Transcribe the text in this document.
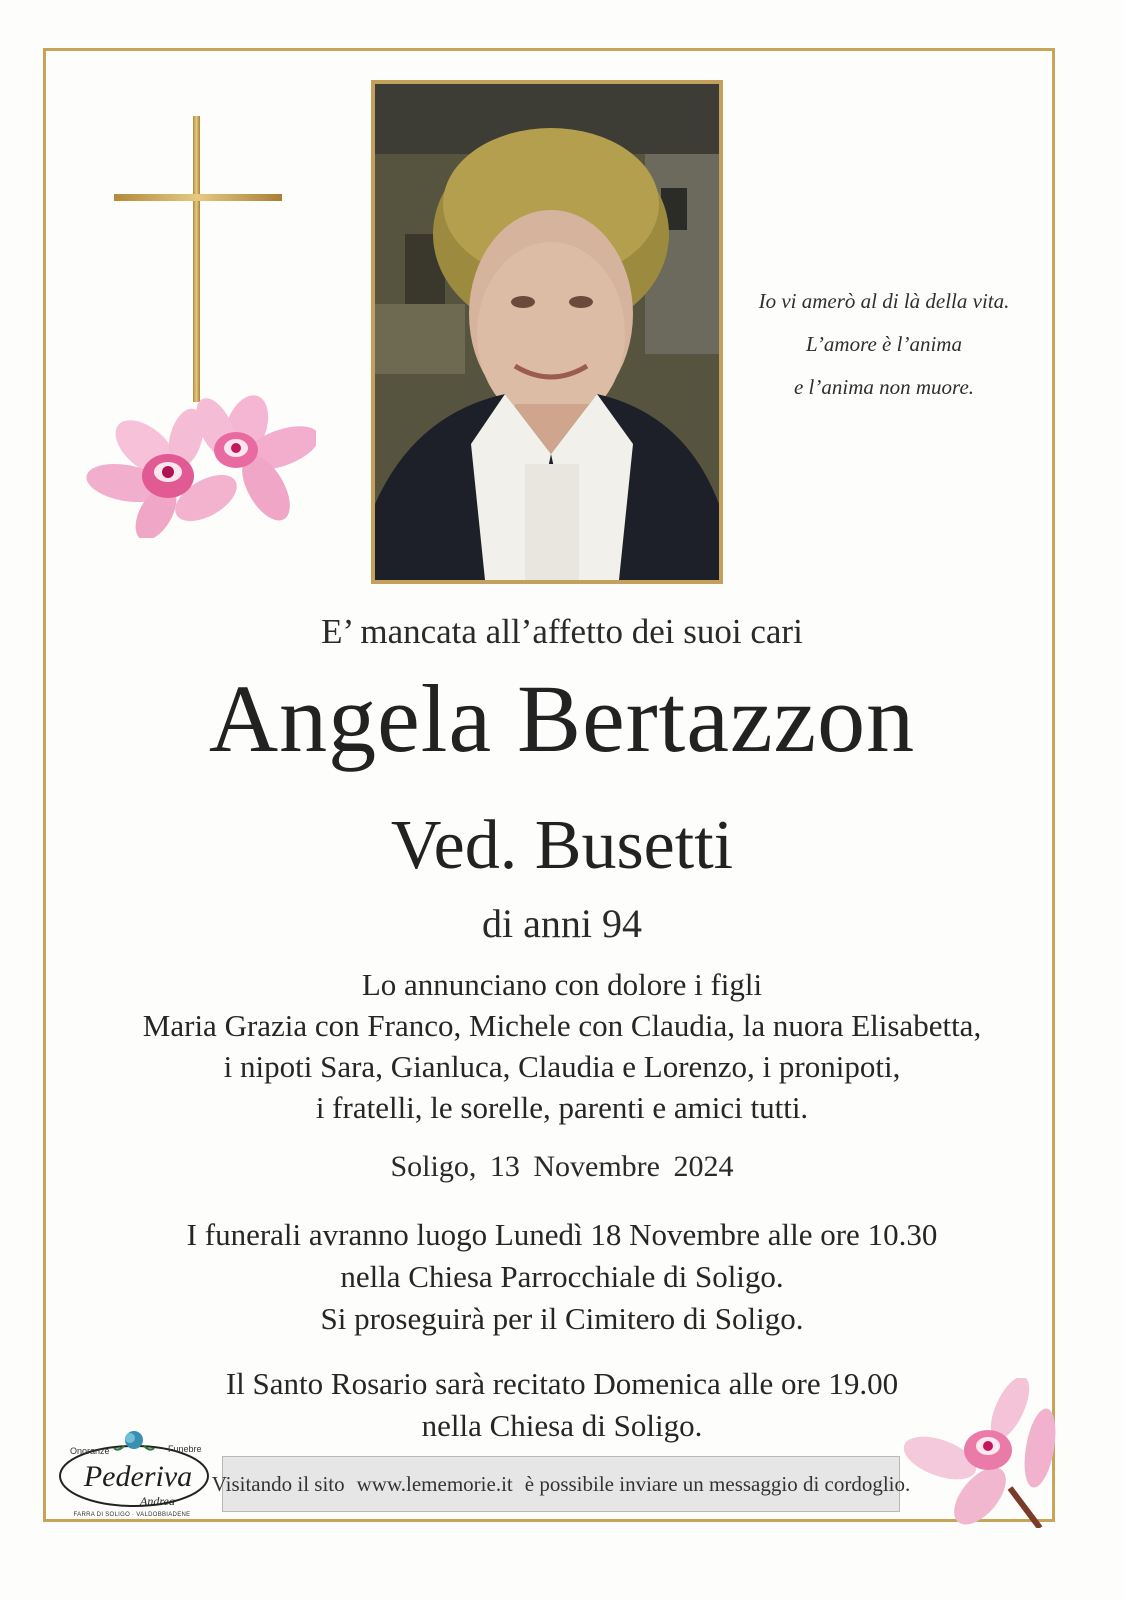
Io vi amerò al di là della vita.
L’amore è l’anima
e l’anima non muore.
E’ mancata all’affetto dei suoi cari
Angela Bertazzon
Ved. Busetti
di anni 94
Lo annunciano con dolore i figli
Maria Grazia con Franco, Michele con Claudia, la nuora Elisabetta,
i nipoti Sara, Gianluca, Claudia e Lorenzo, i pronipoti,
i fratelli, le sorelle, parenti e amici tutti.
Soligo, 13 Novembre 2024
I funerali avranno luogo Lunedì 18 Novembre alle ore 10.30
nella Chiesa Parrocchiale di Soligo.
Si proseguirà per il Cimitero di Soligo.
Il Santo Rosario sarà recitato Domenica alle ore 19.00
nella Chiesa di Soligo.
Onoranze	Funebre
Pederiva
Andrea
FARRA DI SOLIGO · VALDOBBIADENE
Visitando il sito www.lememorie.it è possibile inviare un messaggio di cordoglio.
